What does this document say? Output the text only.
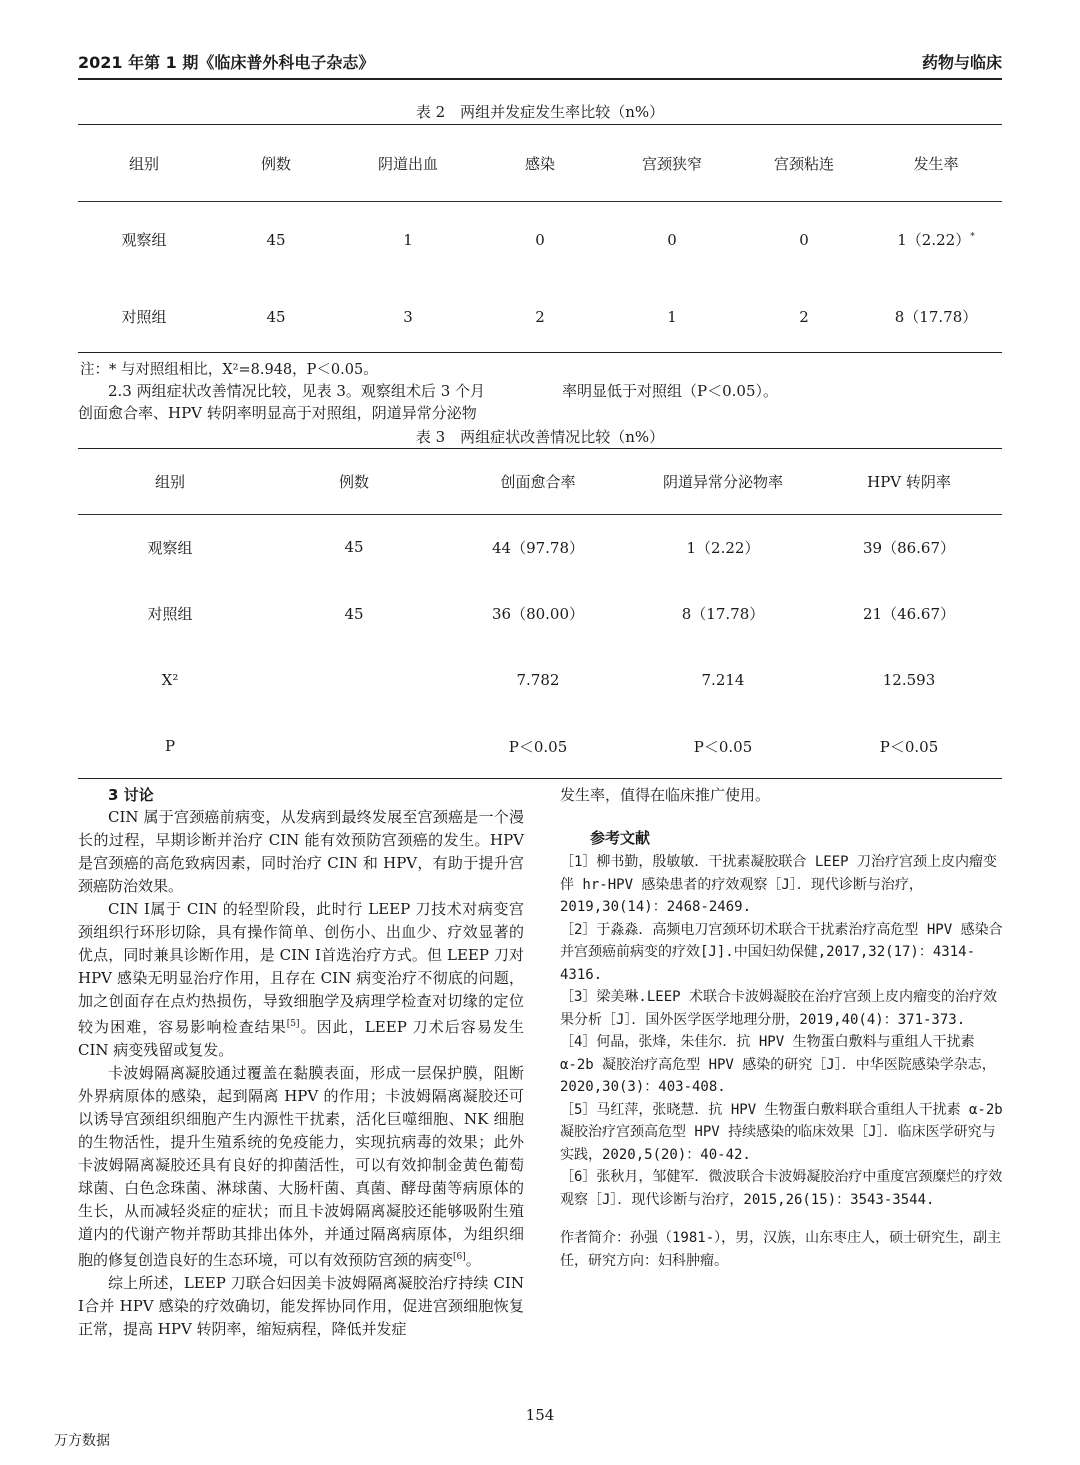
2021 年第 1 期《临床普外科电子杂志》	药物与临床
表 2　两组并发症发生率比较（n%）
组别	例数	阴道出血	感染	宫颈狭窄	宫颈粘连	发生率
观察组	45	1	0	0	0	1（2.22）*
对照组	45	3	2	1	2	8（17.78）
注：* 与对照组相比，X²=8.948，P＜0.05。
2.3 两组症状改善情况比较，见表 3。观察组术后 3 个月
创面愈合率、HPV 转阴率明显高于对照组，阴道异常分泌物
率明显低于对照组（P＜0.05）。
表 3　两组症状改善情况比较（n%）
组别	例数	创面愈合率	阴道异常分泌物率	HPV 转阴率
观察组	45	44（97.78）	1（2.22）	39（86.67）
对照组	45	36（80.00）	8（17.78）	21（46.67）
X²		7.782	7.214	12.593
P		P＜0.05	P＜0.05	P＜0.05
3 讨论

CIN 属于宫颈癌前病变，从发病到最终发展至宫颈癌是一个漫长的过程，早期诊断并治疗 CIN 能有效预防宫颈癌的发生。HPV 是宫颈癌的高危致病因素，同时治疗 CIN 和 HPV，有助于提升宫颈癌防治效果。

CIN Ⅰ属于 CIN 的轻型阶段，此时行 LEEP 刀技术对病变宫颈组织行环形切除，具有操作简单、创伤小、出血少、疗效显著的优点，同时兼具诊断作用，是 CIN Ⅰ首选治疗方式。但 LEEP 刀对 HPV 感染无明显治疗作用，且存在 CIN 病变治疗不彻底的问题，加之创面存在点灼热损伤，导致细胞学及病理学检查对切缘的定位较为困难，容易影响检查结果[5]。因此，LEEP 刀术后容易发生 CIN 病变残留或复发。

卡波姆隔离凝胶通过覆盖在黏膜表面，形成一层保护膜，阻断外界病原体的感染，起到隔离 HPV 的作用；卡波姆隔离凝胶还可以诱导宫颈组织细胞产生内源性干扰素，活化巨噬细胞、NK 细胞的生物活性，提升生殖系统的免疫能力，实现抗病毒的效果；此外卡波姆隔离凝胶还具有良好的抑菌活性，可以有效抑制金黄色葡萄球菌、白色念珠菌、淋球菌、大肠杆菌、真菌、酵母菌等病原体的生长，从而减轻炎症的症状；而且卡波姆隔离凝胶还能够吸附生殖道内的代谢产物并帮助其排出体外，并通过隔离病原体，为组织细胞的修复创造良好的生态环境，可以有效预防宫颈的病变[6]。

综上所述，LEEP 刀联合妇因美卡波姆隔离凝胶治疗持续 CIN Ⅰ合并 HPV 感染的疗效确切，能发挥协同作用，促进宫颈细胞恢复正常，提高 HPV 转阴率，缩短病程，降低并发症

发生率，值得在临床推广使用。

参考文献

［1］柳书勤，殷敏敏．干扰素凝胶联合 LEEP 刀治疗宫颈上皮内瘤变伴 hr-HPV 感染患者的疗效观察［J］．现代诊断与治疗，2019,30(14)：2468-2469.

［2］于淼淼．高频电刀宫颈环切术联合干扰素治疗高危型 HPV 感染合并宫颈癌前病变的疗效[J].中国妇幼保健,2017,32(17)：4314-4316.

［3］梁美琳.LEEP 术联合卡波姆凝胶在治疗宫颈上皮内瘤变的治疗效果分析［J］．国外医学医学地理分册，2019,40(4)：371-373.

［4］何晶，张烽，朱佳尔．抗 HPV 生物蛋白敷料与重组人干扰素 α-2b 凝胶治疗高危型 HPV 感染的研究［J］．中华医院感染学杂志，2020,30(3)：403-408.

［5］马红萍，张晓慧．抗 HPV 生物蛋白敷料联合重组人干扰素 α-2b 凝胶治疗宫颈高危型 HPV 持续感染的临床效果［J］．临床医学研究与实践，2020,5(20)：40-42.

［6］张秋月，邹健军．微波联合卡波姆凝胶治疗中重度宫颈糜烂的疗效观察［J］．现代诊断与治疗，2015,26(15)：3543-3544.

作者简介：孙强（1981-），男，汉族，山东枣庄人，硕士研究生，副主任，研究方向：妇科肿瘤。

154
万方数据
